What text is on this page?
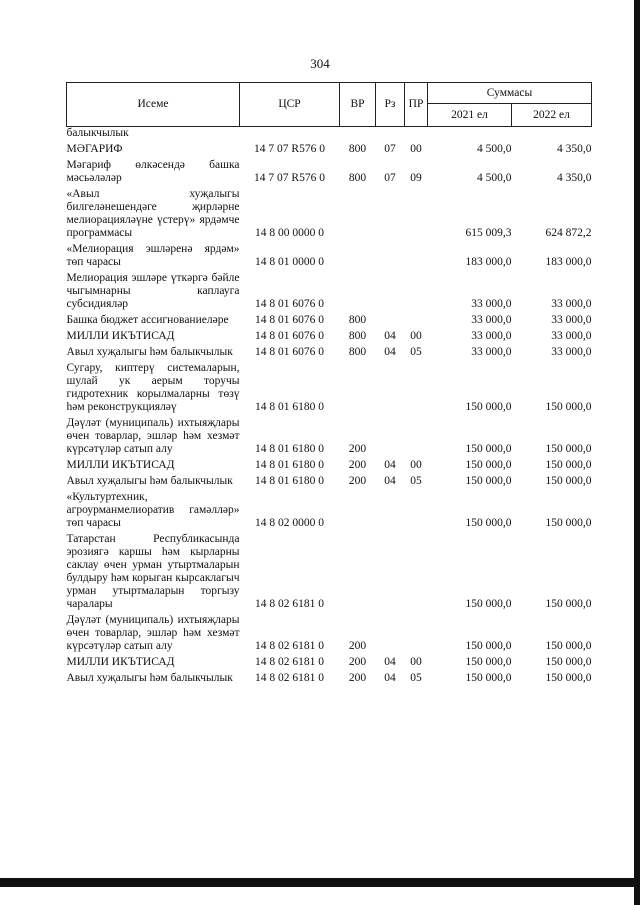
304
Исеме	ЦСР	ВР	Рз	ПР	Суммасы	
					2021 ел	2022 ел
балыкчылык						
МӘГАРИФ	14 7 07 R576 0	800	07	00	4 500,0	4 350,0
Мәгариф өлкәсендә башка мәсьәләләр	14 7 07 R576 0	800	07	09	4 500,0	4 350,0
«Авыл хуҗалыгы билгеләнешендәге җирләрне мелиорацияләүне үстерү» ярдәмче программасы	14 8 00 0000 0				615 009,3	624 872,2
«Мелиорация эшләренә ярдәм» төп чарасы	14 8 01 0000 0				183 000,0	183 000,0
Мелиорация эшләре үткәргә бәйле чыгымнарны каплауга субсидияләр	14 8 01 6076 0				33 000,0	33 000,0
Башка бюджет ассигнованиеләре	14 8 01 6076 0	800			33 000,0	33 000,0
МИЛЛИ ИКЪТИСАД	14 8 01 6076 0	800	04	00	33 000,0	33 000,0
Авыл хуҗалыгы һәм балыкчылык	14 8 01 6076 0	800	04	05	33 000,0	33 000,0
Сугару, киптерү системаларын, шулай ук аерым торучы гидротехник корылмаларны төзү һәм реконструкцияләү	14 8 01 6180 0				150 000,0	150 000,0
Дәүләт (муниципаль) ихтыяҗлары өчен товарлар, эшләр һәм хезмәт күрсәтүләр сатып алу	14 8 01 6180 0	200			150 000,0	150 000,0
МИЛЛИ ИКЪТИСАД	14 8 01 6180 0	200	04	00	150 000,0	150 000,0
Авыл хуҗалыгы һәм балыкчылык	14 8 01 6180 0	200	04	05	150 000,0	150 000,0
«Культуртехник, агроурманмелиоратив гамәлләр» төп чарасы	14 8 02 0000 0				150 000,0	150 000,0
Татарстан Республикасында эрозиягә каршы һәм кырларны саклау өчен урман утыртмаларын булдыру һәм корыган кырсаклагыч урман утыртмаларын торгызу чаралары	14 8 02 6181 0				150 000,0	150 000,0
Дәүләт (муниципаль) ихтыяҗлары өчен товарлар, эшләр һәм хезмәт күрсәтүләр сатып алу	14 8 02 6181 0	200			150 000,0	150 000,0
МИЛЛИ ИКЪТИСАД	14 8 02 6181 0	200	04	00	150 000,0	150 000,0
Авыл хуҗалыгы һәм балыкчылык	14 8 02 6181 0	200	04	05	150 000,0	150 000,0
